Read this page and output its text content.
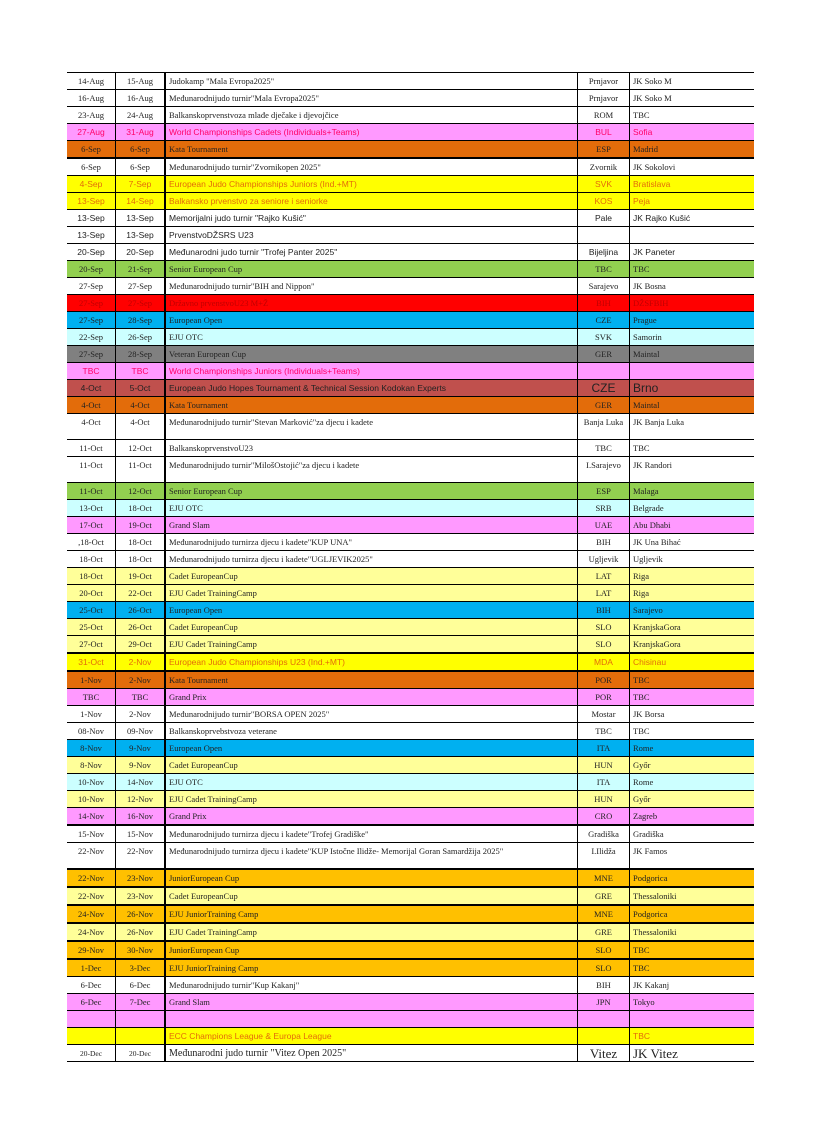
14-Aug	15-Aug	Judokamp "Mala Evropa2025"	Prnjavor	JK Soko M
16-Aug	16-Aug	Međunarodnijudo turnir"Mala Evropa2025"	Prnjavor	JK Soko M
23-Aug	24-Aug	Balkanskoprvenstvoza mlađe dječake i djevojčice	ROM	TBC
27-Aug	31-Aug	World Championships Cadets (Individuals+Teams)	BUL	Sofia
6-Sep	6-Sep	Kata Tournament	ESP	Madrid
6-Sep	6-Sep	Međunarodnijudo turnir"Zvornikopen 2025"	Zvornik	JK Sokolovi
4-Sep	7-Sep	European Judo Championships Juniors (Ind.+MT)	SVK	Bratislava
13-Sep	14-Sep	Balkansko prvenstvo za seniore i seniorke	KOS	Peja
13-Sep	13-Sep	Memorijalni judo turnir "Rajko Kušić"	Pale	JK Rajko Kušić
13-Sep	13-Sep	PrvenstvoDŽSRS U23		
20-Sep	20-Sep	Međunarodni judo turnir "Trofej Panter 2025"	Bijeljina	JK Paneter
20-Sep	21-Sep	Senior European Cup	TBC	TBC
27-Sep	27-Sep	Međunarodnijudo turnir"BIH and Nippon"	Sarajevo	JK Bosna
27-Sep	27-Sep	Državno prvenstvoU23 M+Ž	BIH	DŽSFBIH
27-Sep	28-Sep	European Open	CZE	Prague
22-Sep	26-Sep	EJU OTC	SVK	Samorin
27-Sep	28-Sep	Veteran European Cup	GER	Maintal
TBC	TBC	World Championships Juniors (Individuals+Teams)		
4-Oct	5-Oct	European Judo Hopes Tournament & Technical Session Kodokan Experts	CZE	Brno
4-Oct	4-Oct	Kata Tournament	GER	Maintal
4-Oct	4-Oct	Međunarodnijudo turnir"Stevan Marković"za djecu i kadete	Banja Luka	JK Banja Luka
11-Oct	12-Oct	BalkanskoprvenstvoU23	TBC	TBC
11-Oct	11-Oct	Međunarodnijudo turnir"MilošOstojić"za djecu i kadete	I.Sarajevo	JK Randori
11-Oct	12-Oct	Senior European Cup	ESP	Malaga
13-Oct	18-Oct	EJU OTC	SRB	Belgrade
17-Oct	19-Oct	Grand Slam	UAE	Abu Dhabi
,18-Oct	18-Oct	Međunarodnijudo turnirza djecu i kadete"KUP UNA"	BIH	JK Una Bihać
18-Oct	18-Oct	Međunarodnijudo turnirza djecu i kadete"UGLJEVIK2025"	Ugljevik	Ugljevik
18-Oct	19-Oct	Cadet EuropeanCup	LAT	Riga
20-Oct	22-Oct	EJU Cadet TrainingCamp	LAT	Riga
25-Oct	26-Oct	European Open	BIH	Sarajevo
25-Oct	26-Oct	Cadet EuropeanCup	SLO	KranjskaGora
27-Oct	29-Oct	EJU Cadet TrainingCamp	SLO	KranjskaGora
31-Oct	2-Nov	European Judo Championships U23 (Ind.+MT)	MDA	Chisinau
1-Nov	2-Nov	Kata Tournament	POR	TBC
TBC	TBC	Grand Prix	POR	TBC
1-Nov	2-Nov	Međunarodnijudo turnir"BORSA OPEN 2025"	Mostar	JK Borsa
08-Nov	09-Nov	Balkanskoprvebstvoza veterane	TBC	TBC
8-Nov	9-Nov	European Open	ITA	Rome
8-Nov	9-Nov	Cadet EuropeanCup	HUN	Győr
10-Nov	14-Nov	EJU OTC	ITA	Rome
10-Nov	12-Nov	EJU Cadet TrainingCamp	HUN	Győr
14-Nov	16-Nov	Grand Prix	CRO	Zagreb
15-Nov	15-Nov	Međunarodnijudo turnirza djecu i kadete"Trofej Gradiške"	Gradiška	Gradiška
22-Nov	22-Nov	Međunarodnijudo turnirza djecu i kadete"KUP Istočne Ilidže- Memorijal Goran Samardžija 2025"	I.Ilidža	JK Famos
22-Nov	23-Nov	JuniorEuropean Cup	MNE	Podgorica
22-Nov	23-Nov	Cadet EuropeanCup	GRE	Thessaloniki
24-Nov	26-Nov	EJU JuniorTraining Camp	MNE	Podgorica
24-Nov	26-Nov	EJU Cadet TrainingCamp	GRE	Thessaloniki
29-Nov	30-Nov	JuniorEuropean Cup	SLO	TBC
1-Dec	3-Dec	EJU JuniorTraining Camp	SLO	TBC
6-Dec	6-Dec	Međunarodnijudo turnir"Kup Kakanj"	BIH	JK Kakanj
6-Dec	7-Dec	Grand Slam	JPN	Tokyo

		ECC Champions League & Europa League		TBC
20-Dec	20-Dec	Međunarodni judo turnir "Vitez Open 2025"	Vitez	JK Vitez
